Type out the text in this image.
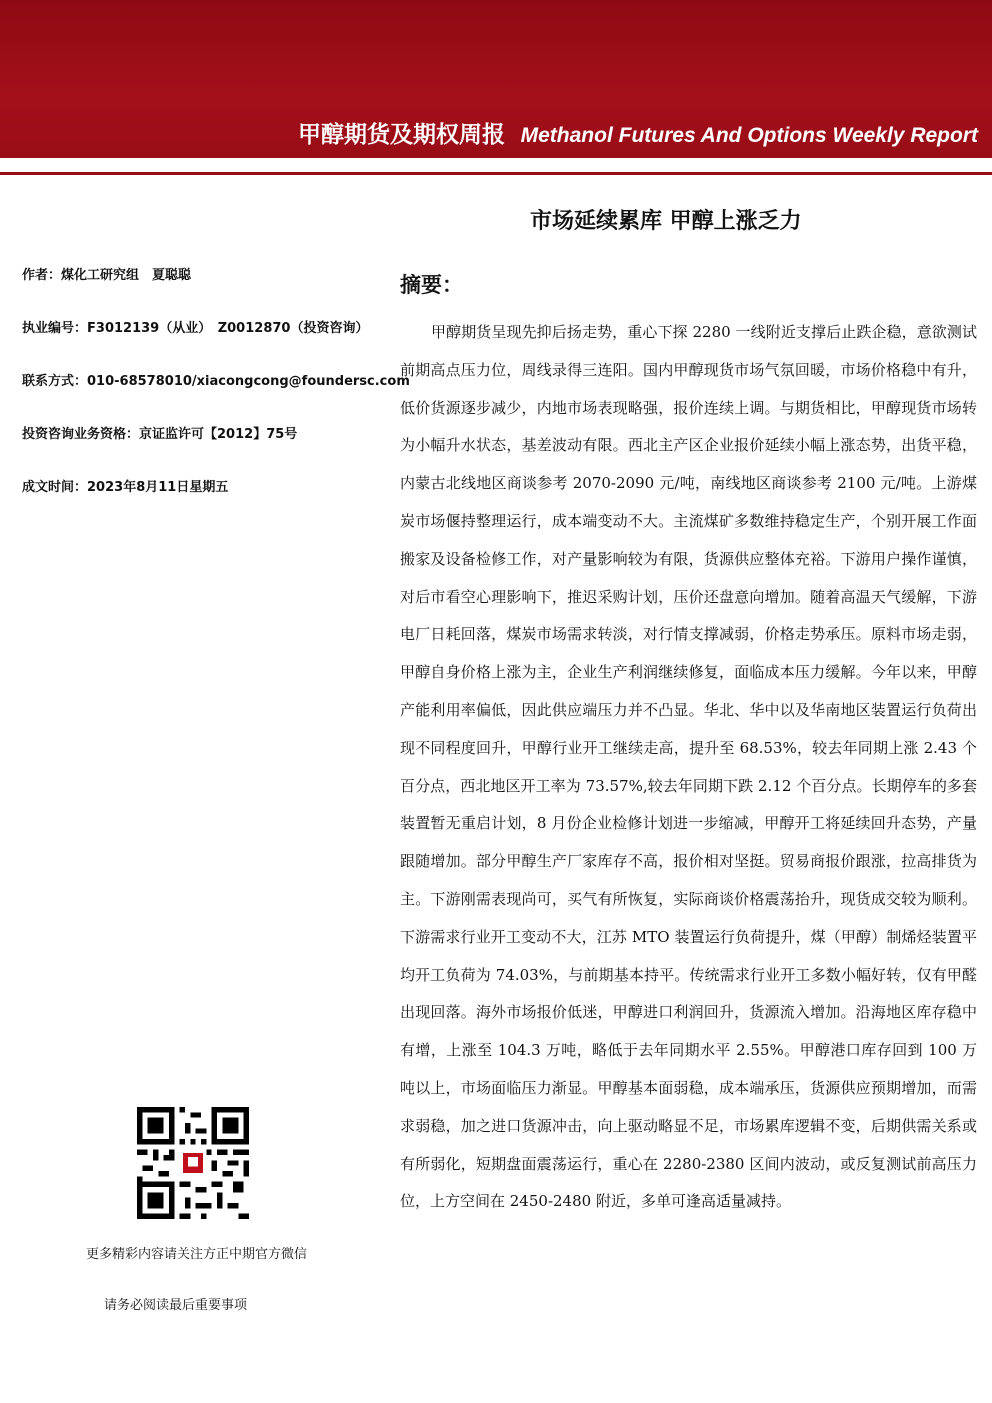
甲醇期货及期权周报 Methanol Futures And Options Weekly Report
市场延续累库 甲醇上涨乏力
作者：煤化工研究组　夏聪聪
执业编号：F3012139（从业）　Z0012870（投资咨询）
联系方式：010-68578010/xiacongcong@foundersc.com
投资咨询业务资格：京证监许可【2012】75号
成文时间：2023年8月11日星期五
更多精彩内容请关注方正中期官方微信
请务必阅读最后重要事项
摘要：

甲醇期货呈现先抑后扬走势，重心下探 2280 一线附近支撑后止跌企稳，意欲测试前期高点压力位，周线录得三连阳。国内甲醇现货市场气氛回暖，市场价格稳中有升，低价货源逐步减少，内地市场表现略强，报价连续上调。与期货相比，甲醇现货市场转为小幅升水状态，基差波动有限。西北主产区企业报价延续小幅上涨态势，出货平稳，内蒙古北线地区商谈参考 2070-2090 元/吨，南线地区商谈参考 2100 元/吨。上游煤炭市场偃持整理运行，成本端变动不大。主流煤矿多数维持稳定生产，个别开展工作面搬家及设备检修工作，对产量影响较为有限，货源供应整体充裕。下游用户操作谨慎，对后市看空心理影响下，推迟采购计划，压价还盘意向增加。随着高温天气缓解，下游电厂日耗回落，煤炭市场需求转淡，对行情支撑减弱，价格走势承压。原料市场走弱，甲醇自身价格上涨为主，企业生产利润继续修复，面临成本压力缓解。今年以来，甲醇产能利用率偏低，因此供应端压力并不凸显。华北、华中以及华南地区装置运行负荷出现不同程度回升，甲醇行业开工继续走高，提升至 68.53%，较去年同期上涨 2.43 个百分点，西北地区开工率为 73.57%,较去年同期下跌 2.12 个百分点。长期停车的多套装置暂无重启计划，8 月份企业检修计划进一步缩减，甲醇开工将延续回升态势，产量跟随增加。部分甲醇生产厂家库存不高，报价相对坚挺。贸易商报价跟涨，拉高排货为主。下游刚需表现尚可，买气有所恢复，实际商谈价格震荡抬升，现货成交较为顺利。下游需求行业开工变动不大，江苏 MTO 装置运行负荷提升，煤（甲醇）制烯烃装置平均开工负荷为 74.03%，与前期基本持平。传统需求行业开工多数小幅好转，仅有甲醛出现回落。海外市场报价低迷，甲醇进口利润回升，货源流入增加。沿海地区库存稳中有增，上涨至 104.3 万吨，略低于去年同期水平 2.55%。甲醇港口库存回到 100 万吨以上，市场面临压力渐显。甲醇基本面弱稳，成本端承压，货源供应预期增加，而需求弱稳，加之进口货源冲击，向上驱动略显不足，市场累库逻辑不变，后期供需关系或有所弱化，短期盘面震荡运行，重心在 2280-2380 区间内波动，或反复测试前高压力位，上方空间在 2450-2480 附近，多单可逢高适量减持。
